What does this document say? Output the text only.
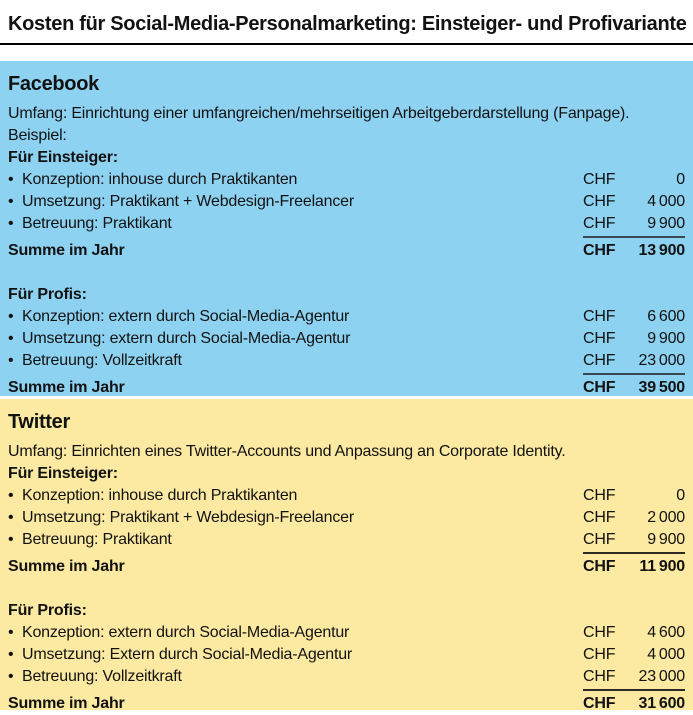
Kosten für Social-Media-Personalmarketing: Einsteiger- und Profivariante
Facebook

Umfang: Einrichtung einer umfangreichen/mehrseitigen Arbeitgeberdarstellung (Fanpage).

Beispiel:

Für Einsteiger:
• Konzeption: inhouse durch Praktikanten	CHF	0
• Umsetzung: Praktikant + Webdesign-Freelancer	CHF 4 000
• Betreuung: Praktikant	CHF 9 900
Summe im Jahr	CHF 13 900
Für Profis:
• Konzeption: extern durch Social-Media-Agentur	CHF 6 600
• Umsetzung: extern durch Social-Media-Agentur	CHF 9 900
• Betreuung: Vollzeitkraft	CHF 23 000
Summe im Jahr	CHF 39 500
Twitter

Umfang: Einrichten eines Twitter-Accounts und Anpassung an Corporate Identity.

Für Einsteiger:
• Konzeption: inhouse durch Praktikanten	CHF	0
• Umsetzung: Praktikant + Webdesign-Freelancer	CHF 2 000
• Betreuung: Praktikant	CHF 9 900
Summe im Jahr	CHF 11 900
Für Profis:
• Konzeption: extern durch Social-Media-Agentur	CHF 4 600
• Umsetzung: Extern durch Social-Media-Agentur	CHF 4 000
• Betreuung: Vollzeitkraft	CHF 23 000
Summe im Jahr	CHF 31 600
